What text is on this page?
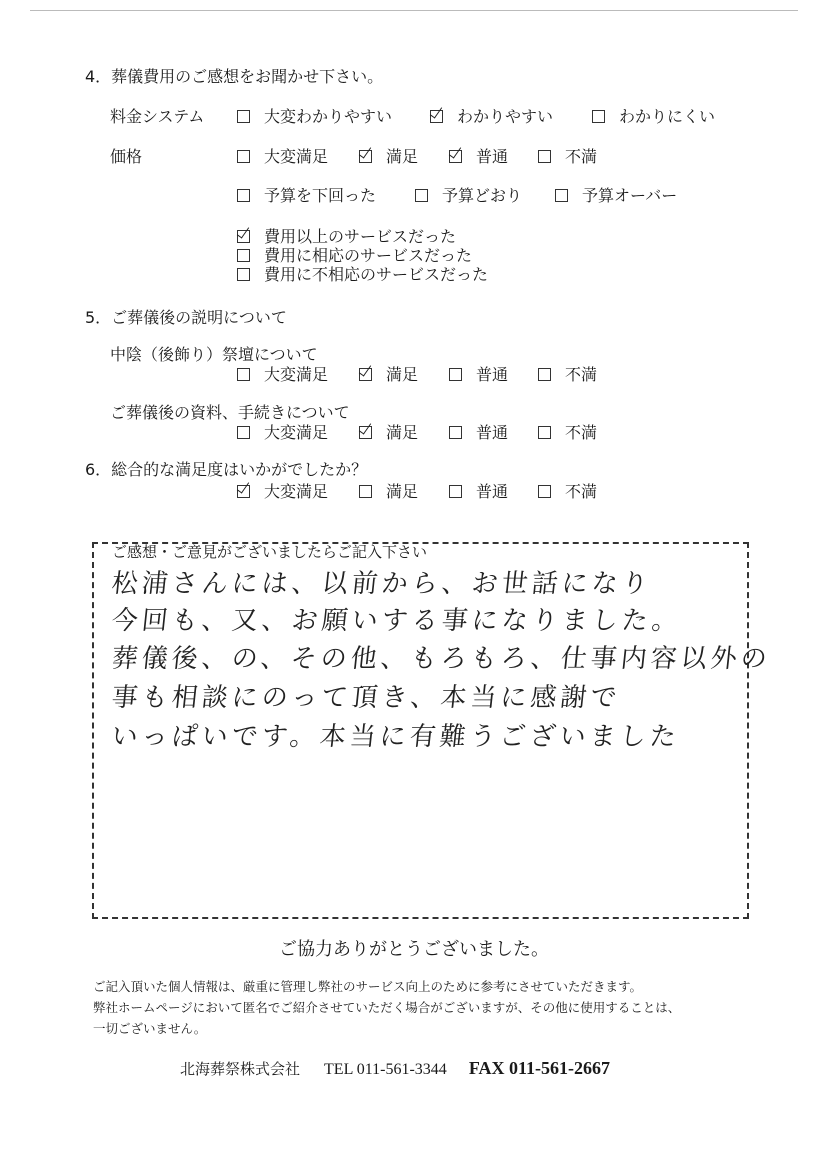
4．葬儀費用のご感想をお聞かせ下さい。
料金システム	大変わかりやすい	わかりやすい	わかりにくい
価格	大変満足	満足	普通	不満
予算を下回った	予算どおり	予算オーバー
費用以上のサービスだった
費用に相応のサービスだった
費用に不相応のサービスだった
5．ご葬儀後の説明について
中陰（後飾り）祭壇について
大変満足	満足	普通	不満
ご葬儀後の資料、手続きについて
大変満足	満足	普通	不満
6．総合的な満足度はいかがでしたか？
大変満足	満足	普通	不満
ご感想・ご意見がございましたらご記入下さい
松浦さんには、以前から、お世話になり
今回も、又、お願いする事になりました。
葬儀後、の、その他、もろもろ、仕事内容以外の
事も相談にのって頂き、本当に感謝で
いっぱいです。本当に有難うございました
ご協力ありがとうございました。
ご記入頂いた個人情報は、厳重に管理し弊社のサービス向上のために参考にさせていただきます。
弊社ホームページにおいて匿名でご紹介させていただく場合がございますが、その他に使用することは、
一切ございません。
北海葬祭株式会社 TEL 011-561-3344 FAX 011-561-2667
